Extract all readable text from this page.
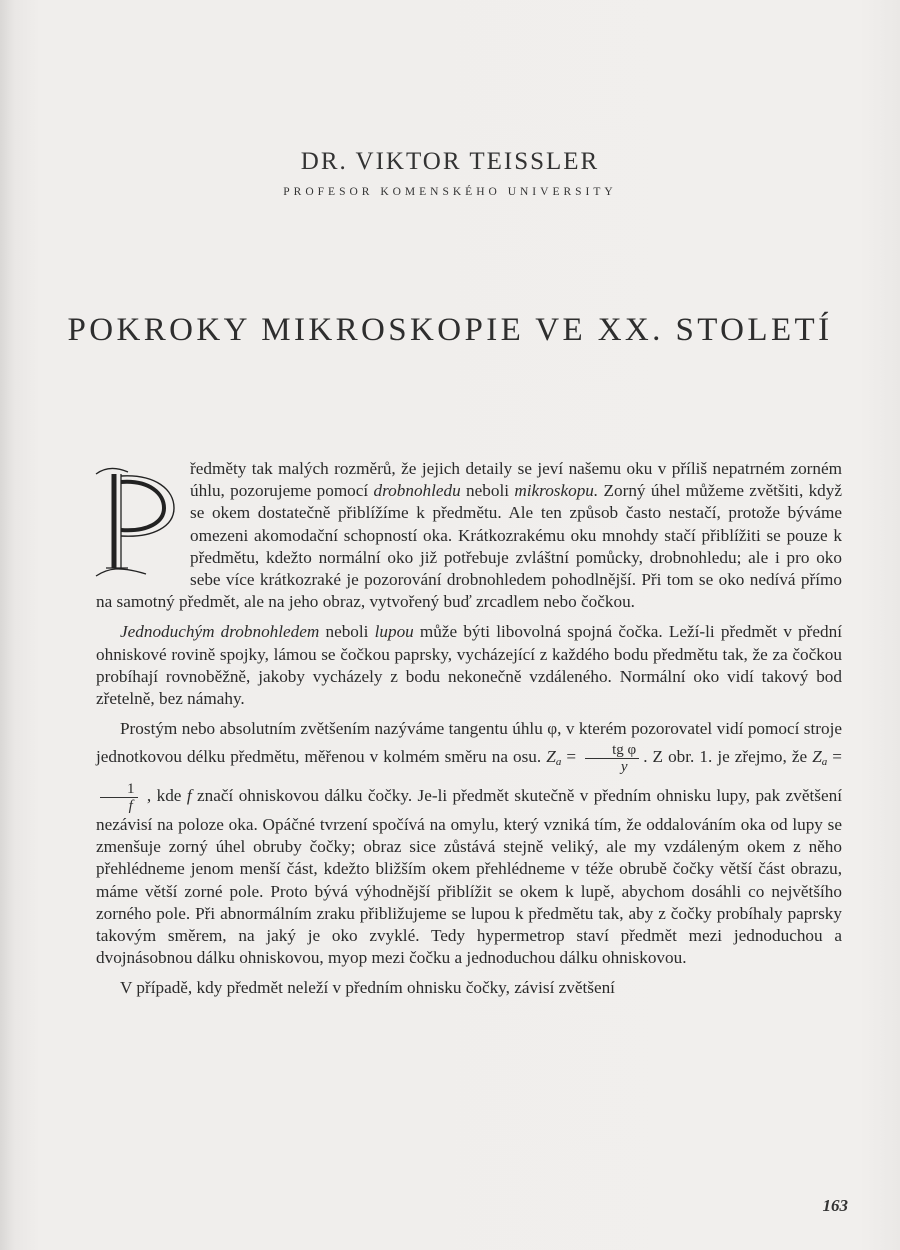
DR. VIKTOR TEISSLER
PROFESOR KOMENSKÉHO UNIVERSITY
POKROKY MIKROSKOPIE VE XX. STOLETÍ

ředměty tak malých rozměrů, že jejich detaily se jeví našemu oku v příliš nepatrném zorném úhlu, pozorujeme pomocí drobnohledu neboli mikroskopu. Zorný úhel můžeme zvětšiti, když se okem dostatečně přiblížíme k předmětu. Ale ten způsob často nestačí, protože býváme omezeni akomodační schopností oka. Krátkozrakému oku mnohdy stačí přiblížiti se pouze k předmětu, kdežto normální oko již potřebuje zvláštní pomůcky, drobnohledu; ale i pro oko sebe více krátkozraké je pozorování drobnohledem pohodlnější. Při tom se oko nedívá přímo na samotný předmět, ale na jeho obraz, vytvořený buď zrcadlem nebo čočkou.

Jednoduchým drobnohledem neboli lupou může býti libovolná spojná čočka. Leží-li předmět v přední ohniskové rovině spojky, lámou se čočkou paprsky, vycházející z každého bodu předmětu tak, že za čočkou probíhají rovnoběžně, jakoby vycházely z bodu nekonečně vzdáleného. Normální oko vidí takový bod zřetelně, bez námahy.

Prostým nebo absolutním zvětšením nazýváme tangentu úhlu φ, v kterém pozorovatel vidí pomocí stroje jednotkovou délku předmětu, měřenou v kolmém směru na osu. $Z_a = \frac{\text{tg φ}}{y}$ . Z obr. 1. je zřejmo, že $Z_a$ =
$\frac{1}{f}$ , kde f značí ohniskovou dálku čočky. Je-li předmět skutečně v předním ohnisku lupy, pak zvětšení nezávisí na poloze oka. Opáčné tvrzení spočívá na omylu, který vzniká tím, že oddalováním oka od lupy se zmenšuje zorný úhel obruby čočky; obraz sice zůstává stejně veliký, ale my vzdáleným okem z něho přehlédneme jenom menší část, kdežto bližším okem přehlédneme v téže obrubě čočky větší část obrazu, máme větší zorné pole. Proto bývá výhodnější přiblížit se okem k lupě, abychom dosáhli co největšího zorného pole. Při abnormálním zraku přibližujeme se lupou k předmětu tak, aby z čočky probíhaly paprsky takovým směrem, na jaký je oko zvyklé. Tedy hypermetrop staví předmět mezi jednoduchou a dvojnásobnou dálku ohniskovou, myop mezi čočku a jednoduchou dálku ohniskovou.

V případě, kdy předmět neleží v předním ohnisku čočky, závisí zvětšení

163
